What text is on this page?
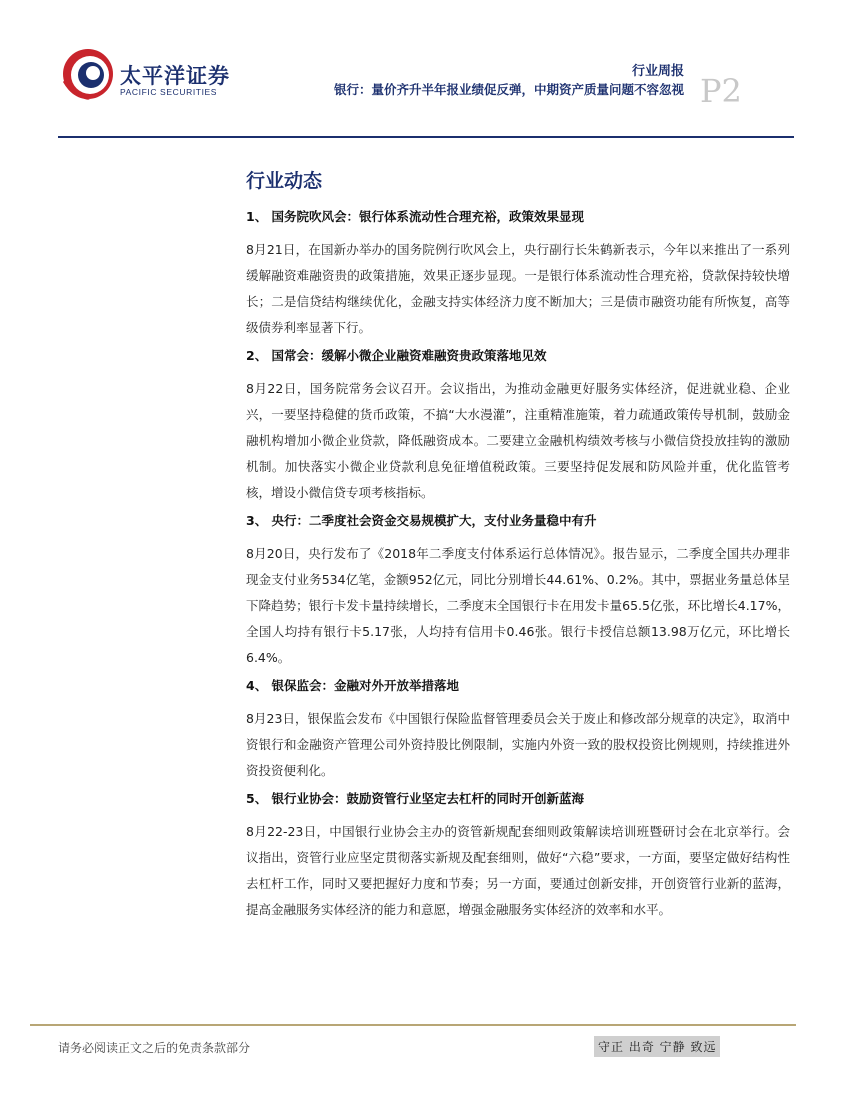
太平洋证券
PACIFIC SECURITIES
行业周报
银行：量价齐升半年报业绩促反弹，中期资产质量问题不容忽视 P2
行业动态
1、 国务院吹风会：银行体系流动性合理充裕，政策效果显现

8月21日，在国新办举办的国务院例行吹风会上，央行副行长朱鹤新表示，今年以来推出了一系列缓解融资难融资贵的政策措施，效果正逐步显现。一是银行体系流动性合理充裕，贷款保持较快增长；二是信贷结构继续优化，金融支持实体经济力度不断加大；三是债市融资功能有所恢复，高等级债券利率显著下行。

2、 国常会：缓解小微企业融资难融资贵政策落地见效

8月22日，国务院常务会议召开。会议指出，为推动金融更好服务实体经济，促进就业稳、企业兴，一要坚持稳健的货币政策，不搞“大水漫灌”，注重精准施策，着力疏通政策传导机制，鼓励金融机构增加小微企业贷款，降低融资成本。二要建立金融机构绩效考核与小微信贷投放挂钩的激励机制。加快落实小微企业贷款利息免征增值税政策。三要坚持促发展和防风险并重，优化监管考核，增设小微信贷专项考核指标。

3、 央行：二季度社会资金交易规模扩大，支付业务量稳中有升

8月20日，央行发布了《2018年二季度支付体系运行总体情况》。报告显示，二季度全国共办理非现金支付业务534亿笔，金额952亿元，同比分别增长44.61%、0.2%。其中，票据业务量总体呈下降趋势；银行卡发卡量持续增长，二季度末全国银行卡在用发卡量65.5亿张，环比增长4.17%，全国人均持有银行卡5.17张，人均持有信用卡0.46张。银行卡授信总额13.98万亿元，环比增长6.4%。

4、 银保监会：金融对外开放举措落地

8月23日，银保监会发布《中国银行保险监督管理委员会关于废止和修改部分规章的决定》，取消中资银行和金融资产管理公司外资持股比例限制，实施内外资一致的股权投资比例规则，持续推进外资投资便利化。

5、 银行业协会：鼓励资管行业坚定去杠杆的同时开创新蓝海

8月22-23日，中国银行业协会主办的资管新规配套细则政策解读培训班暨研讨会在北京举行。会议指出，资管行业应坚定贯彻落实新规及配套细则，做好“六稳”要求，一方面，要坚定做好结构性去杠杆工作，同时又要把握好力度和节奏；另一方面，要通过创新安排，开创资管行业新的蓝海，提高金融服务实体经济的能力和意愿，增强金融服务实体经济的效率和水平。

请务必阅读正文之后的免责条款部分	守正 出奇 宁静 致远
